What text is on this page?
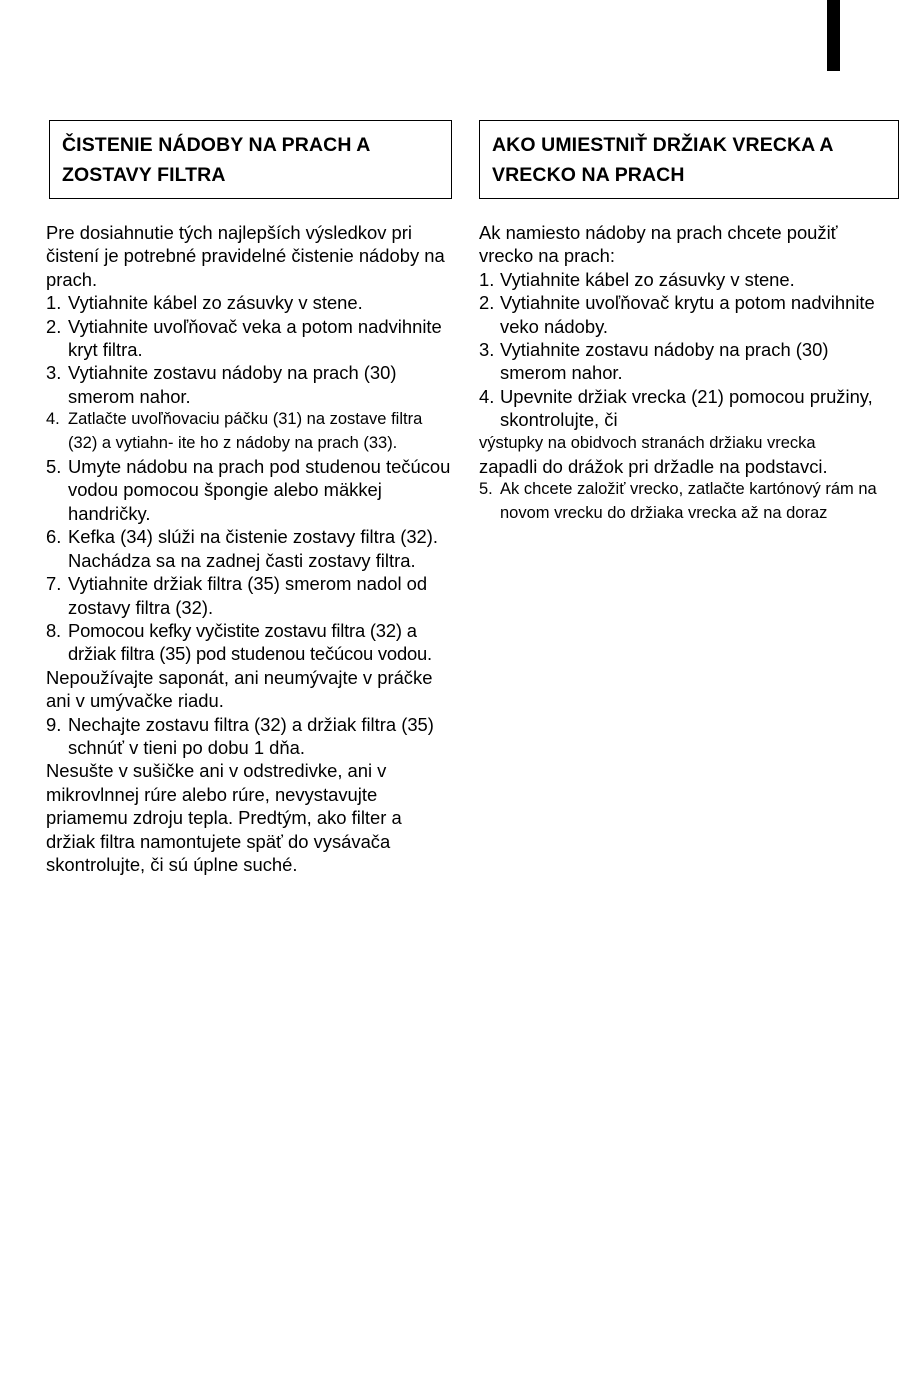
ČISTENIE NÁDOBY NA PRACH A
ZOSTAVY FILTRA

Pre dosiahnutie tých najlepších výsledkov pri čistení je potrebné pravidelné čistenie nádoby na prach.

1. Vytiahnite kábel zo zásuvky v stene.
2. Vytiahnite uvoľňovač veka a potom nadvihnite kryt filtra.
3. Vytiahnite zostavu nádoby na prach (30) smerom nahor.
4. Zatlačte uvoľňovaciu páčku (31) na zostave filtra (32) a vytiahn- ite ho z nádoby na prach (33).
5. Umyte nádobu na prach pod studenou tečúcou vodou pomocou špongie alebo mäkkej handričky.
6. Kefka (34) slúži na čistenie zostavy filtra (32). Nachádza sa na zadnej časti zostavy filtra.
7. Vytiahnite držiak filtra (35) smerom nadol od zostavy filtra (32).
8. Pomocou kefky vyčistite zostavu filtra (32) a držiak filtra (35) pod studenou tečúcou vodou.

Nepoužívajte saponát, ani neumývajte v práčke ani v umývačke riadu.

9. Nechajte zostavu filtra (32) a držiak filtra (35) schnúť v tieni po dobu 1 dňa.

Nesušte v sušičke ani v odstredivke, ani v mikrovlnnej rúre alebo rúre, nevystavujte priamemu zdroju tepla. Predtým, ako filter a držiak filtra namontujete späť do vysávača skontrolujte, či sú úplne suché.

AKO UMIESTNIŤ DRŽIAK VRECKA A
VRECKO NA PRACH

Ak namiesto nádoby na prach chcete použiť vrecko na prach:

1. Vytiahnite kábel zo zásuvky v stene.
2. Vytiahnite uvoľňovač krytu a potom nadvihnite veko nádoby.
3. Vytiahnite zostavu nádoby na prach (30) smerom nahor.
4. Upevnite držiak vrecka (21) pomocou pružiny, skontrolujte, či

výstupky na obidvoch stranách držiaku vrecka

zapadli do drážok pri držadle na podstavci.

5. Ak chcete založiť vrecko, zatlačte kartónový rám na novom vrecku do držiaka vrecka až na doraz
